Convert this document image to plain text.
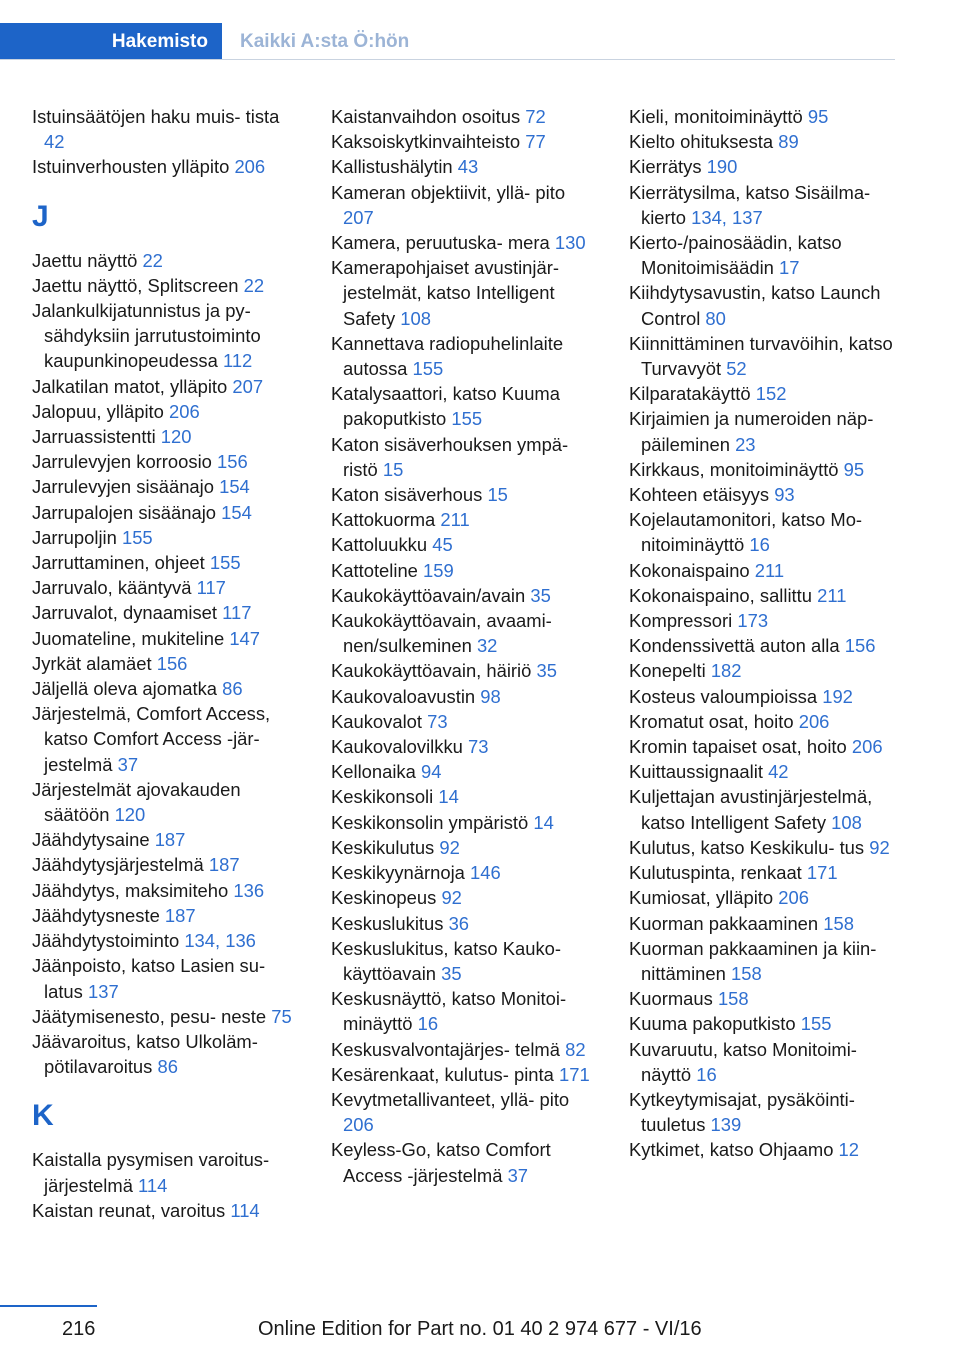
Hakemisto Kaikki A:sta Ö:hön
Istuinsäätöjen haku muis‐ tista 42
Istuinverhousten ylläpito 206
J
Jaettu näyttö 22
Jaettu näyttö, Splitscreen 22
Jalankulkijatunnistus ja py‐ sähdyksiin jarrutustoiminto kaupunkinopeudessa 112
Jalkatilan matot, ylläpito 207
Jalopuu, ylläpito 206
Jarruassistentti 120
Jarrulevyjen korroosio 156
Jarrulevyjen sisäänajo 154
Jarrupalojen sisäänajo 154
Jarrupoljin 155
Jarruttaminen, ohjeet 155
Jarruvalo, kääntyvä 117
Jarruvalot, dynaamiset 117
Juomateline, mukiteline 147
Jyrkät alamäet 156
Jäljellä oleva ajomatka 86
Järjestelmä, Comfort Access, katso Comfort Access -jär‐ jestelmä 37
Järjestelmät ajovakauden säätöön 120
Jäähdytysaine 187
Jäähdytysjärjestelmä 187
Jäähdytys, maksimiteho 136
Jäähdytysneste 187
Jäähdytystoiminto 134, 136
Jäänpoisto, katso Lasien su‐ latus 137
Jäätymisenesto, pesu‐ neste 75
Jäävaroitus, katso Ulkoläm‐ pötilavaroitus 86
K
Kaistalla pysymisen varoitus‐ järjestelmä 114
Kaistan reunat, varoitus 114
Kaistanvaihdon osoitus 72
Kaksoiskytkinvaihteisto 77
Kallistushälytin 43
Kameran objektiivit, yllä‐ pito 207
Kamera, peruutuska‐ mera 130
Kamerapohjaiset avustinjär‐ jestelmät, katso Intelligent Safety 108
Kannettava radiopuhelinlaite autossa 155
Katalysaattori, katso Kuuma pakoputkisto 155
Katon sisäverhouksen ympä‐ ristö 15
Katon sisäverhous 15
Kattokuorma 211
Kattoluukku 45
Kattoteline 159
Kaukokäyttöavain/avain 35
Kaukokäyttöavain, avaami‐ nen/sulkeminen 32
Kaukokäyttöavain, häiriö 35
Kaukovaloavustin 98
Kaukovalot 73
Kaukovalovilkku 73
Kellonaika 94
Keskikonsoli 14
Keskikonsolin ympäristö 14
Keskikulutus 92
Keskikyynärnoja 146
Keskinopeus 92
Keskuslukitus 36
Keskuslukitus, katso Kauko‐ käyttöavain 35
Keskusnäyttö, katso Monitoi‐ minäyttö 16
Keskusvalvontajärjes‐ telmä 82
Kesärenkaat, kulutus‐ pinta 171
Kevytmetallivanteet, yllä‐ pito 206
Keyless-Go, katso Comfort Access -järjestelmä 37
Kieli, monitoiminäyttö 95
Kielto ohituksesta 89
Kierrätys 190
Kierrätysilma, katso Sisäilma‐ kierto 134, 137
Kierto-/painosäädin, katso Monitoimisäädin 17
Kiihdytysavustin, katso Launch Control 80
Kiinnittäminen turvavöihin, katso Turvavyöt 52
Kilparatakäyttö 152
Kirjaimien ja numeroiden näp‐ päileminen 23
Kirkkaus, monitoiminäyttö 95
Kohteen etäisyys 93
Kojelautamonitori, katso Mo‐ nitoiminäyttö 16
Kokonaispaino 211
Kokonaispaino, sallittu 211
Kompressori 173
Kondenssivettä auton alla 156
Konepelti 182
Kosteus valoumpioissa 192
Kromatut osat, hoito 206
Kromin tapaiset osat, hoito 206
Kuittaussignaalit 42
Kuljettajan avustinjärjestelmä, katso Intelligent Safety 108
Kulutus, katso Keskikulu‐ tus 92
Kulutuspinta, renkaat 171
Kumiosat, ylläpito 206
Kuorman pakkaaminen 158
Kuorman pakkaaminen ja kiin‐ nittäminen 158
Kuormaus 158
Kuuma pakoputkisto 155
Kuvaruutu, katso Monitoimi‐ näyttö 16
Kytkeytymisajat, pysäköinti‐ tuuletus 139
Kytkimet, katso Ohjaamo 12
216	Online Edition for Part no. 01 40 2 974 677 - VI/16
